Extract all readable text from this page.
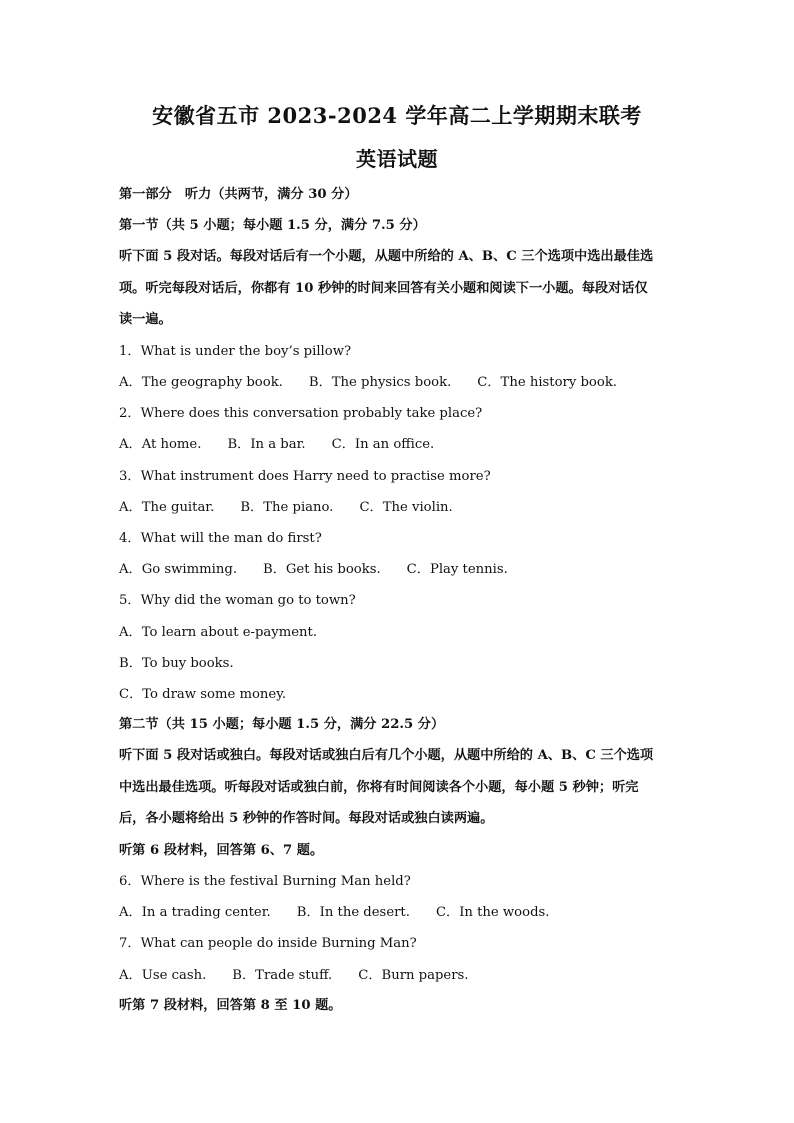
安徽省五市 2023-2024 学年高二上学期期末联考
英语试题
第一部分　听力（共两节，满分 30 分）
第一节（共 5 小题；每小题 1.5 分，满分 7.5 分）
听下面 5 段对话。每段对话后有一个小题，从题中所给的 A、B、C 三个选项中选出最佳选
项。听完每段对话后，你都有 10 秒钟的时间来回答有关小题和阅读下一小题。每段对话仅
读一遍。
1．What is under the boy’s pillow?
A．The geography book. B．The physics book. C．The history book.
2．Where does this conversation probably take place?
A．At home. B．In a bar. C．In an office.
3．What instrument does Harry need to practise more?
A．The guitar. B．The piano. C．The violin.
4．What will the man do first?
A．Go swimming. B．Get his books. C．Play tennis.
5．Why did the woman go to town?
A．To learn about e-payment.
B．To buy books.
C．To draw some money.
第二节（共 15 小题；每小题 1.5 分，满分 22.5 分）
听下面 5 段对话或独白。每段对话或独白后有几个小题，从题中所给的 A、B、C 三个选项
中选出最佳选项。听每段对话或独白前，你将有时间阅读各个小题，每小题 5 秒钟；听完
后，各小题将给出 5 秒钟的作答时间。每段对话或独白读两遍。
听第 6 段材料，回答第 6、7 题。
6．Where is the festival Burning Man held?
A．In a trading center. B．In the desert. C．In the woods.
7．What can people do inside Burning Man?
A．Use cash. B．Trade stuff. C．Burn papers.
听第 7 段材料，回答第 8 至 10 题。
